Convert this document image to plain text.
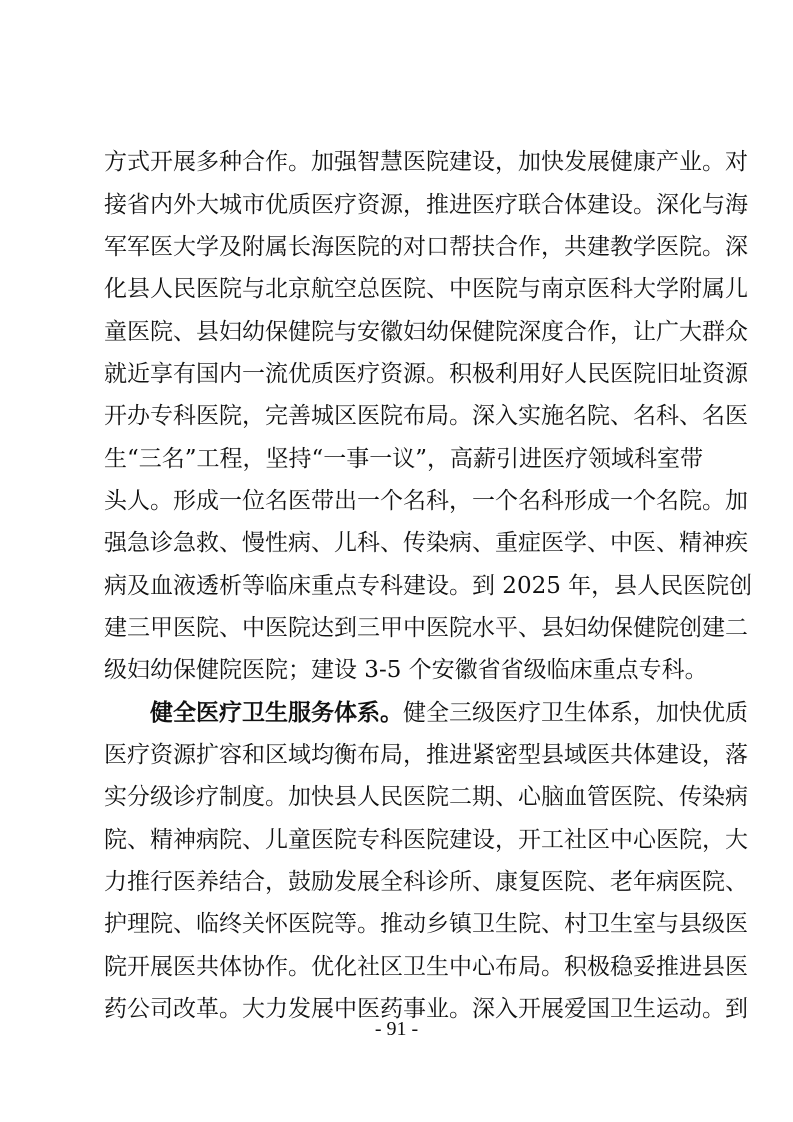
方式开展多种合作。加强智慧医院建设，加快发展健康产业。对
接省内外大城市优质医疗资源，推进医疗联合体建设。深化与海
军军医大学及附属长海医院的对口帮扶合作，共建教学医院。深
化县人民医院与北京航空总医院、中医院与南京医科大学附属儿
童医院、县妇幼保健院与安徽妇幼保健院深度合作，让广大群众
就近享有国内一流优质医疗资源。积极利用好人民医院旧址资源
开办专科医院，完善城区医院布局。深入实施名院、名科、名医
生“三名”工程，坚持“一事一议”，高薪引进医疗领域科室带
头人。形成一位名医带出一个名科，一个名科形成一个名院。加
强急诊急救、慢性病、儿科、传染病、重症医学、中医、精神疾
病及血液透析等临床重点专科建设。到 2025 年，县人民医院创
建三甲医院、中医院达到三甲中医院水平、县妇幼保健院创建二
级妇幼保健院医院；建设 3-5 个安徽省省级临床重点专科。
健全医疗卫生服务体系。健全三级医疗卫生体系，加快优质
医疗资源扩容和区域均衡布局，推进紧密型县域医共体建设，落
实分级诊疗制度。加快县人民医院二期、心脑血管医院、传染病
院、精神病院、儿童医院专科医院建设，开工社区中心医院，大
力推行医养结合，鼓励发展全科诊所、康复医院、老年病医院、
护理院、临终关怀医院等。推动乡镇卫生院、村卫生室与县级医
院开展医共体协作。优化社区卫生中心布局。积极稳妥推进县医
- 91 -
药公司改革。大力发展中医药事业。深入开展爱国卫生运动。到
